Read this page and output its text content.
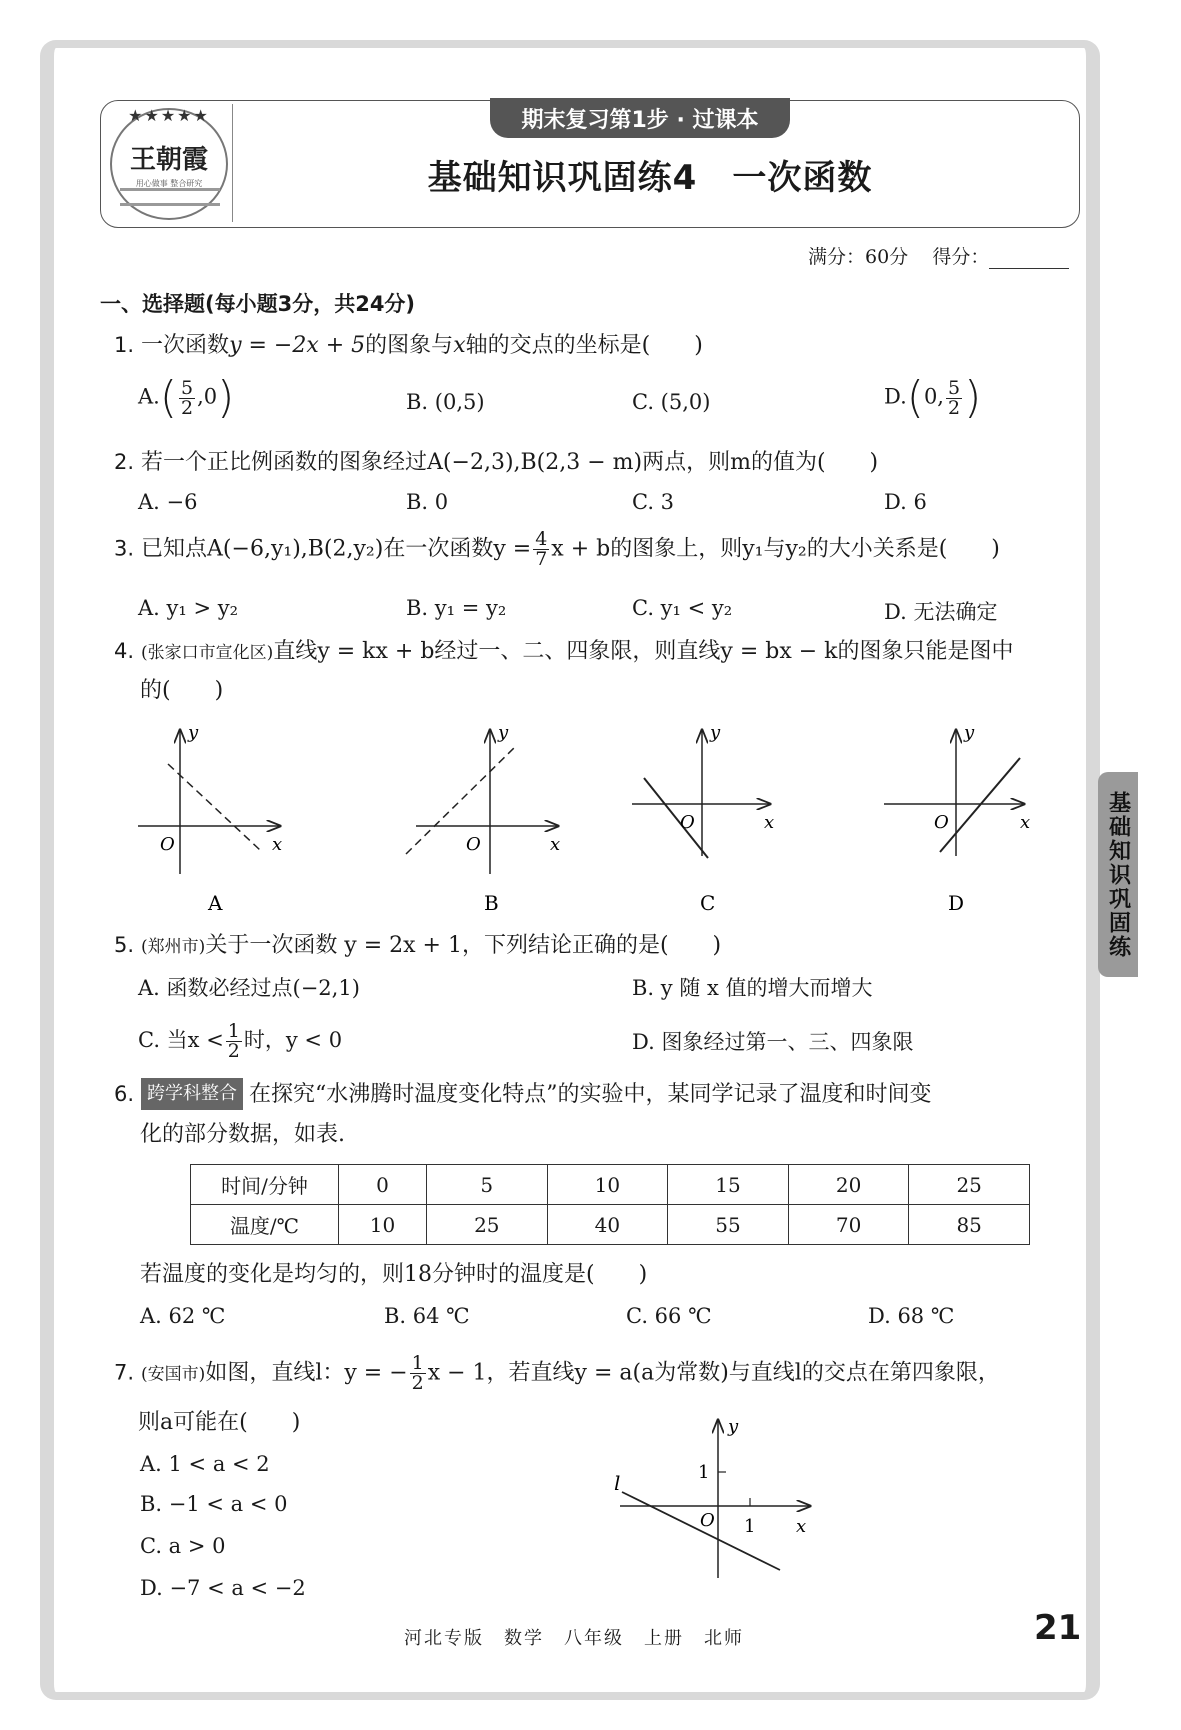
★★★★★
王朝霞
用心做事 整合研究
期末复习第1步 · 过课本
基础知识巩固练4　一次函数
满分：60分 得分：
一、选择题(每小题3分，共24分)
1. 一次函数y = −2x + 5的图象与x轴的交点的坐标是(　　)
$A.( \frac{5}{2} ,0)$	B. (0,5)	C. (5,0)	D.(0, $\frac{5}{2}$ )
2. 若一个正比例函数的图象经过A(−2,3),B(2,3 − m)两点，则m的值为(　　)
A. −6	B. 0	C. 3	D. 6
3. 已知点A(−6,y₁),B(2,y₂)在一次函数$y = \frac{4}{7}$ x + b的图象上，则y₁与y₂的大小关系是(　　)
A. y₁ > y₂	B. y₁ = y₂	C. y₁ < y₂	D. 无法确定
4. (张家口市宣化区)直线y = kx + b经过一、二、四象限，则直线y = bx − k的图象只能是图中
的(　　)
y
x
O
A
y
x
O
B
y
x
O
C
y
x
O
D
5. (郑州市)关于一次函数 y = 2x + 1，下列结论正确的是(　　)
A. 函数必经过点(−2,1)	B. y 随 x 值的增大而增大
C. 当$x < \frac{1}{2}$ 时，y < 0	D. 图象经过第一、三、四象限
6. 跨学科整合 在探究“水沸腾时温度变化特点”的实验中，某同学记录了温度和时间变
化的部分数据，如表.
时间/分钟	0	5	10	15	20	25
温度/℃	10	25	40	55	70	85
若温度的变化是均匀的，则18分钟时的温度是(　　)
A. 62 ℃	B. 64 ℃	C. 66 ℃	D. 68 ℃
7. (安国市)如图，直线l：y = − $\frac{1}{2}$ x − 1，若直线y = a(a为常数)与直线l的交点在第四象限，
则a可能在(　　)
A. 1 < a < 2
B. −1 < a < 0
C. a > 0
D. −7 < a < −2
y
x
O
1
1
l
基础知识巩固练
河北专版　数学　八年级　上册　北师	21
